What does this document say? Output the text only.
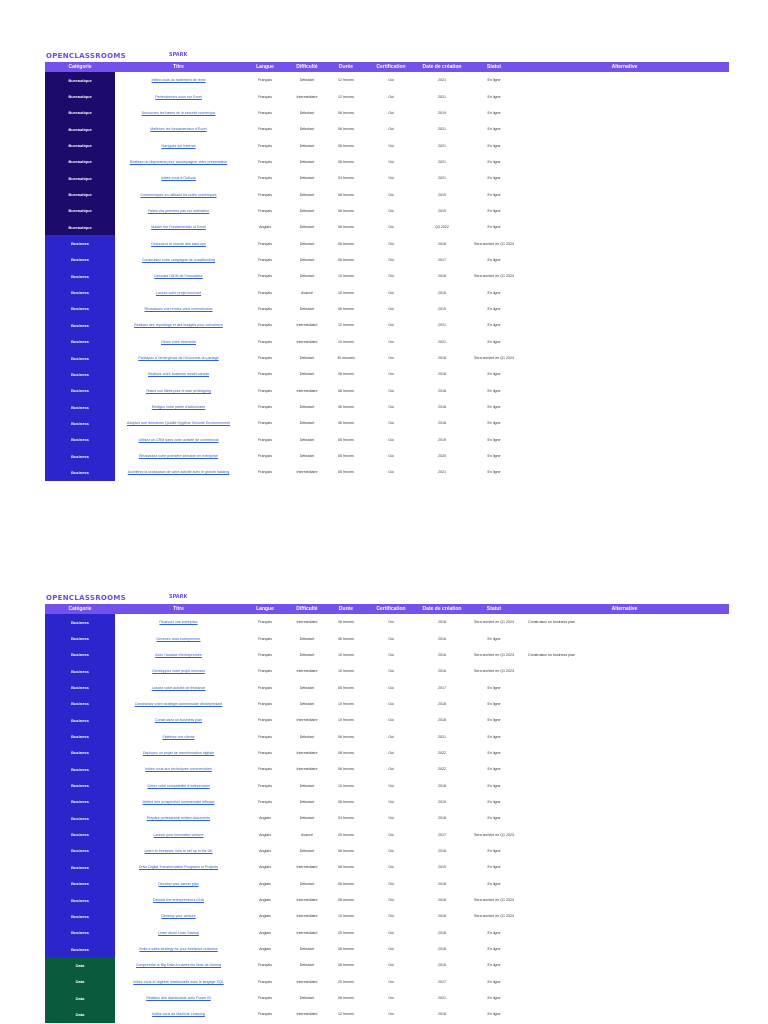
OPENCLASSROOMS	SPARK
Catégorie	Titre	Langue	Difficulté	Durée	Certification	Date de création	Statut	Alternative
Bureautique	Initiez-vous au traitement de texte	Français	Débutant	12 heures	Oui	2021	En ligne	
Bureautique	Perfectionnez-vous sur Excel	Français	Intermédiaire	12 heures	Oui	2021	En ligne	
Bureautique	Découvrez les bases de la sécurité numérique	Français	Débutant	06 heures	Oui	2019	En ligne	
Bureautique	Maîtrisez les fondamentaux d'Excel	Français	Débutant	06 heures	Oui	2021	En ligne	
Bureautique	Naviguez sur Internet	Français	Débutant	06 heures	Oui	2021	En ligne	
Bureautique	Réalisez un diaporama pour accompagner votre présentation	Français	Débutant	06 heures	Oui	2021	En ligne	
Bureautique	Initiez-vous à Outlook	Français	Débutant	04 heures	Oui	2021	En ligne	
Bureautique	Communiquez en utilisant les outils numériques	Français	Débutant	08 heures	Oui	2019	En ligne	
Bureautique	Faites vos premiers pas sur ordinateur	Français	Débutant	06 heures	Oui	2019	En ligne	
Bureautique	Master the Fundamentals of Excel	Anglais	Débutant	06 heures	Oui	Q3 2022	En ligne	
Business	Découvrez le monde des start-ups	Français	Débutant	06 heures	Oui	2016	Sera archivé en Q1 2023	
Business	Construisez votre campagne de crowdfunding	Français	Débutant	06 heures	Oui	2017	En ligne	
Business	Décodez l'ADN de l'innovateur	Français	Débutant	10 heures	Oui	2016	Sera archivé en Q1 2023	
Business	Lancez votre projet innovant	Français	Avancé	10 heures	Oui	2016	En ligne	
Business	Réussissez vos rendez-vous commerciaux	Français	Débutant	06 heures	Oui	2019	En ligne	
Business	Réalisez des reportings et des budgets pour convaincre	Français	Intermédiaire	12 heures	Oui	2021	En ligne	
Business	Gérez votre trésorerie	Français	Intermédiaire	10 heures	Oui	2021	En ligne	
Business	Participez à l'émergence de l'économie du partage	Français	Débutant	30 minutes	Oui	2016	Sera archivé en Q1 2023	
Business	Réalisez votre business model canvas	Français	Débutant	06 heures	Oui	2018	En ligne	
Business	Testez vos idées pour le lean prototyping	Français	Intermédiaire	08 heures	Oui	2018	En ligne	
Business	Rédigez votre partie d'actionnaire	Français	Débutant	06 heures	Oui	2018	En ligne	
Business	Adoptez une démarche Qualité Hygiène Sécurité Environnement	Français	Débutant	06 heures	Oui	2018	En ligne	
Business	Utilisez un CRM dans votre activité de commercial	Français	Débutant	06 heures	Oui	2019	En ligne	
Business	Réussissez votre première semaine en entreprise	Français	Débutant	06 heures	Oui	2020	En ligne	
Business	Accélérez la croissance de votre activité avec le growth hacking	Français	Intermédiaire	06 heures	Oui	2021	En ligne	
OPENCLASSROOMS	SPARK
Catégorie	Titre	Langue	Difficulté	Durée	Certification	Date de création	Statut	Alternative
Business	Financez vos entreprise	Français	Intermédiaire	06 heures	Oui	2016	Sera archivé en Q1 2023	Construisez un business plan
Business	Devenez auto-entrepreneur	Français	Débutant	06 heures	Oui	2016	En ligne	
Business	Avoir l'audace d'entreprendre	Français	Débutant	10 heures	Oui	2016	Sera archivé en Q1 2023	Construisez un business plan
Business	Développez votre projet innovant	Français	Intermédiaire	10 heures	Oui	2016	Sera archivé en Q1 2023	
Business	Lancez votre activité de freelance	Français	Débutant	06 heures	Oui	2017	En ligne	
Business	Construisez votre stratégie commerciale d'indépendant	Français	Débutant	10 heures	Oui	2018	En ligne	
Business	Construisez un business plan	Français	Intermédiaire	10 heures	Oui	2018	En ligne	
Business	Fidélisez vos clients	Français	Débutant	06 heures	Oui	2021	En ligne	
Business	Déployez un projet de transformation digitale	Français	Intermédiaire	08 heures	Oui	2022	En ligne	
Business	Initiez-vous aux techniques commerciales	Français	Intermédiaire	06 heures	Oui	2022	En ligne	
Business	Gérez votre comptabilité d'indépendant	Français	Débutant	10 heures	Oui	2018	En ligne	
Business	Mettez une prospection commerciale efficace	Français	Débutant	06 heures	Oui	2019	En ligne	
Business	Prepare professional written documents	Anglais	Débutant	04 heures	Oui	2018	En ligne	
Business	Launch your innovative venture	Anglais	Avancé	20 heures	Oui	2017	Sera archivé en Q1 2023	
Business	Learn to freelance: how to set up in the UK	Anglais	Débutant	06 heures	Oui	2018	En ligne	
Business	Drive Digital Transformation Programs or Projects	Anglais	Intermédiaire	08 heures	Oui	2019	En ligne	
Business	Develop your career plan	Anglais	Débutant	06 heures	Oui	2018	En ligne	
Business	Decode the entrepreneur's DNA	Anglais	Intermédiaire	08 heures	Oui	2016	Sera archivé en Q1 2023	
Business	Develop your venture	Anglais	Intermédiaire	10 heures	Oui	2016	Sera archivé en Q1 2023	
Business	Learn about Lean Startup	Anglais	Intermédiaire	20 heures	Oui	2018	En ligne	
Business	Build a sales strategy for your freelance business	Anglais	Débutant	08 heures	Oui	2018	En ligne	
Data	Comprendre le Big Data à travers les films de cinéma	Français	Débutant	08 heures	Oui	2016	En ligne	
Data	Initiez-vous à l'algèbre relationnelle avec le langage SQL	Français	Intermédiaire	20 heures	Oui	2017	En ligne	
Data	Réalisez des dashboards avec Power BI	Français	Débutant	08 heures	Oui	2021	En ligne	
Data	Initiez-vous au Machine Learning	Français	Intermédiaire	12 heures	Oui	2016	En ligne	
